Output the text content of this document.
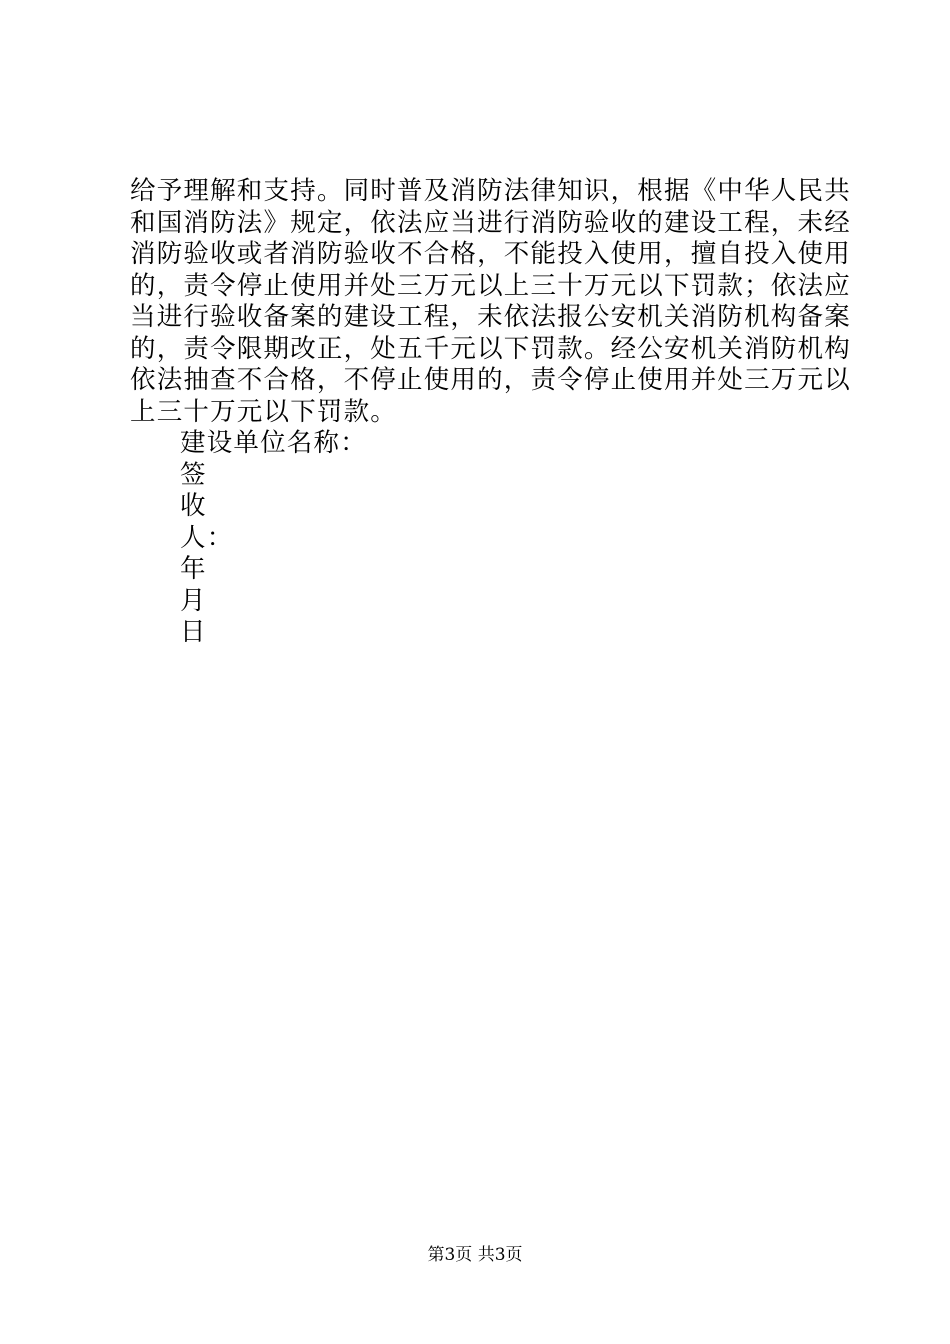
给予理解和支持。同时普及消防法律知识，根据《中华人民共
和国消防法》规定，依法应当进行消防验收的建设工程，未经
消防验收或者消防验收不合格，不能投入使用，擅自投入使用
的，责令停止使用并处三万元以上三十万元以下罚款；依法应
当进行验收备案的建设工程，未依法报公安机关消防机构备案
的，责令限期改正，处五千元以下罚款。经公安机关消防机构
依法抽查不合格，不停止使用的，责令停止使用并处三万元以
上三十万元以下罚款。
建设单位名称：
签
收
人：
年
月
日
第3页 共3页
